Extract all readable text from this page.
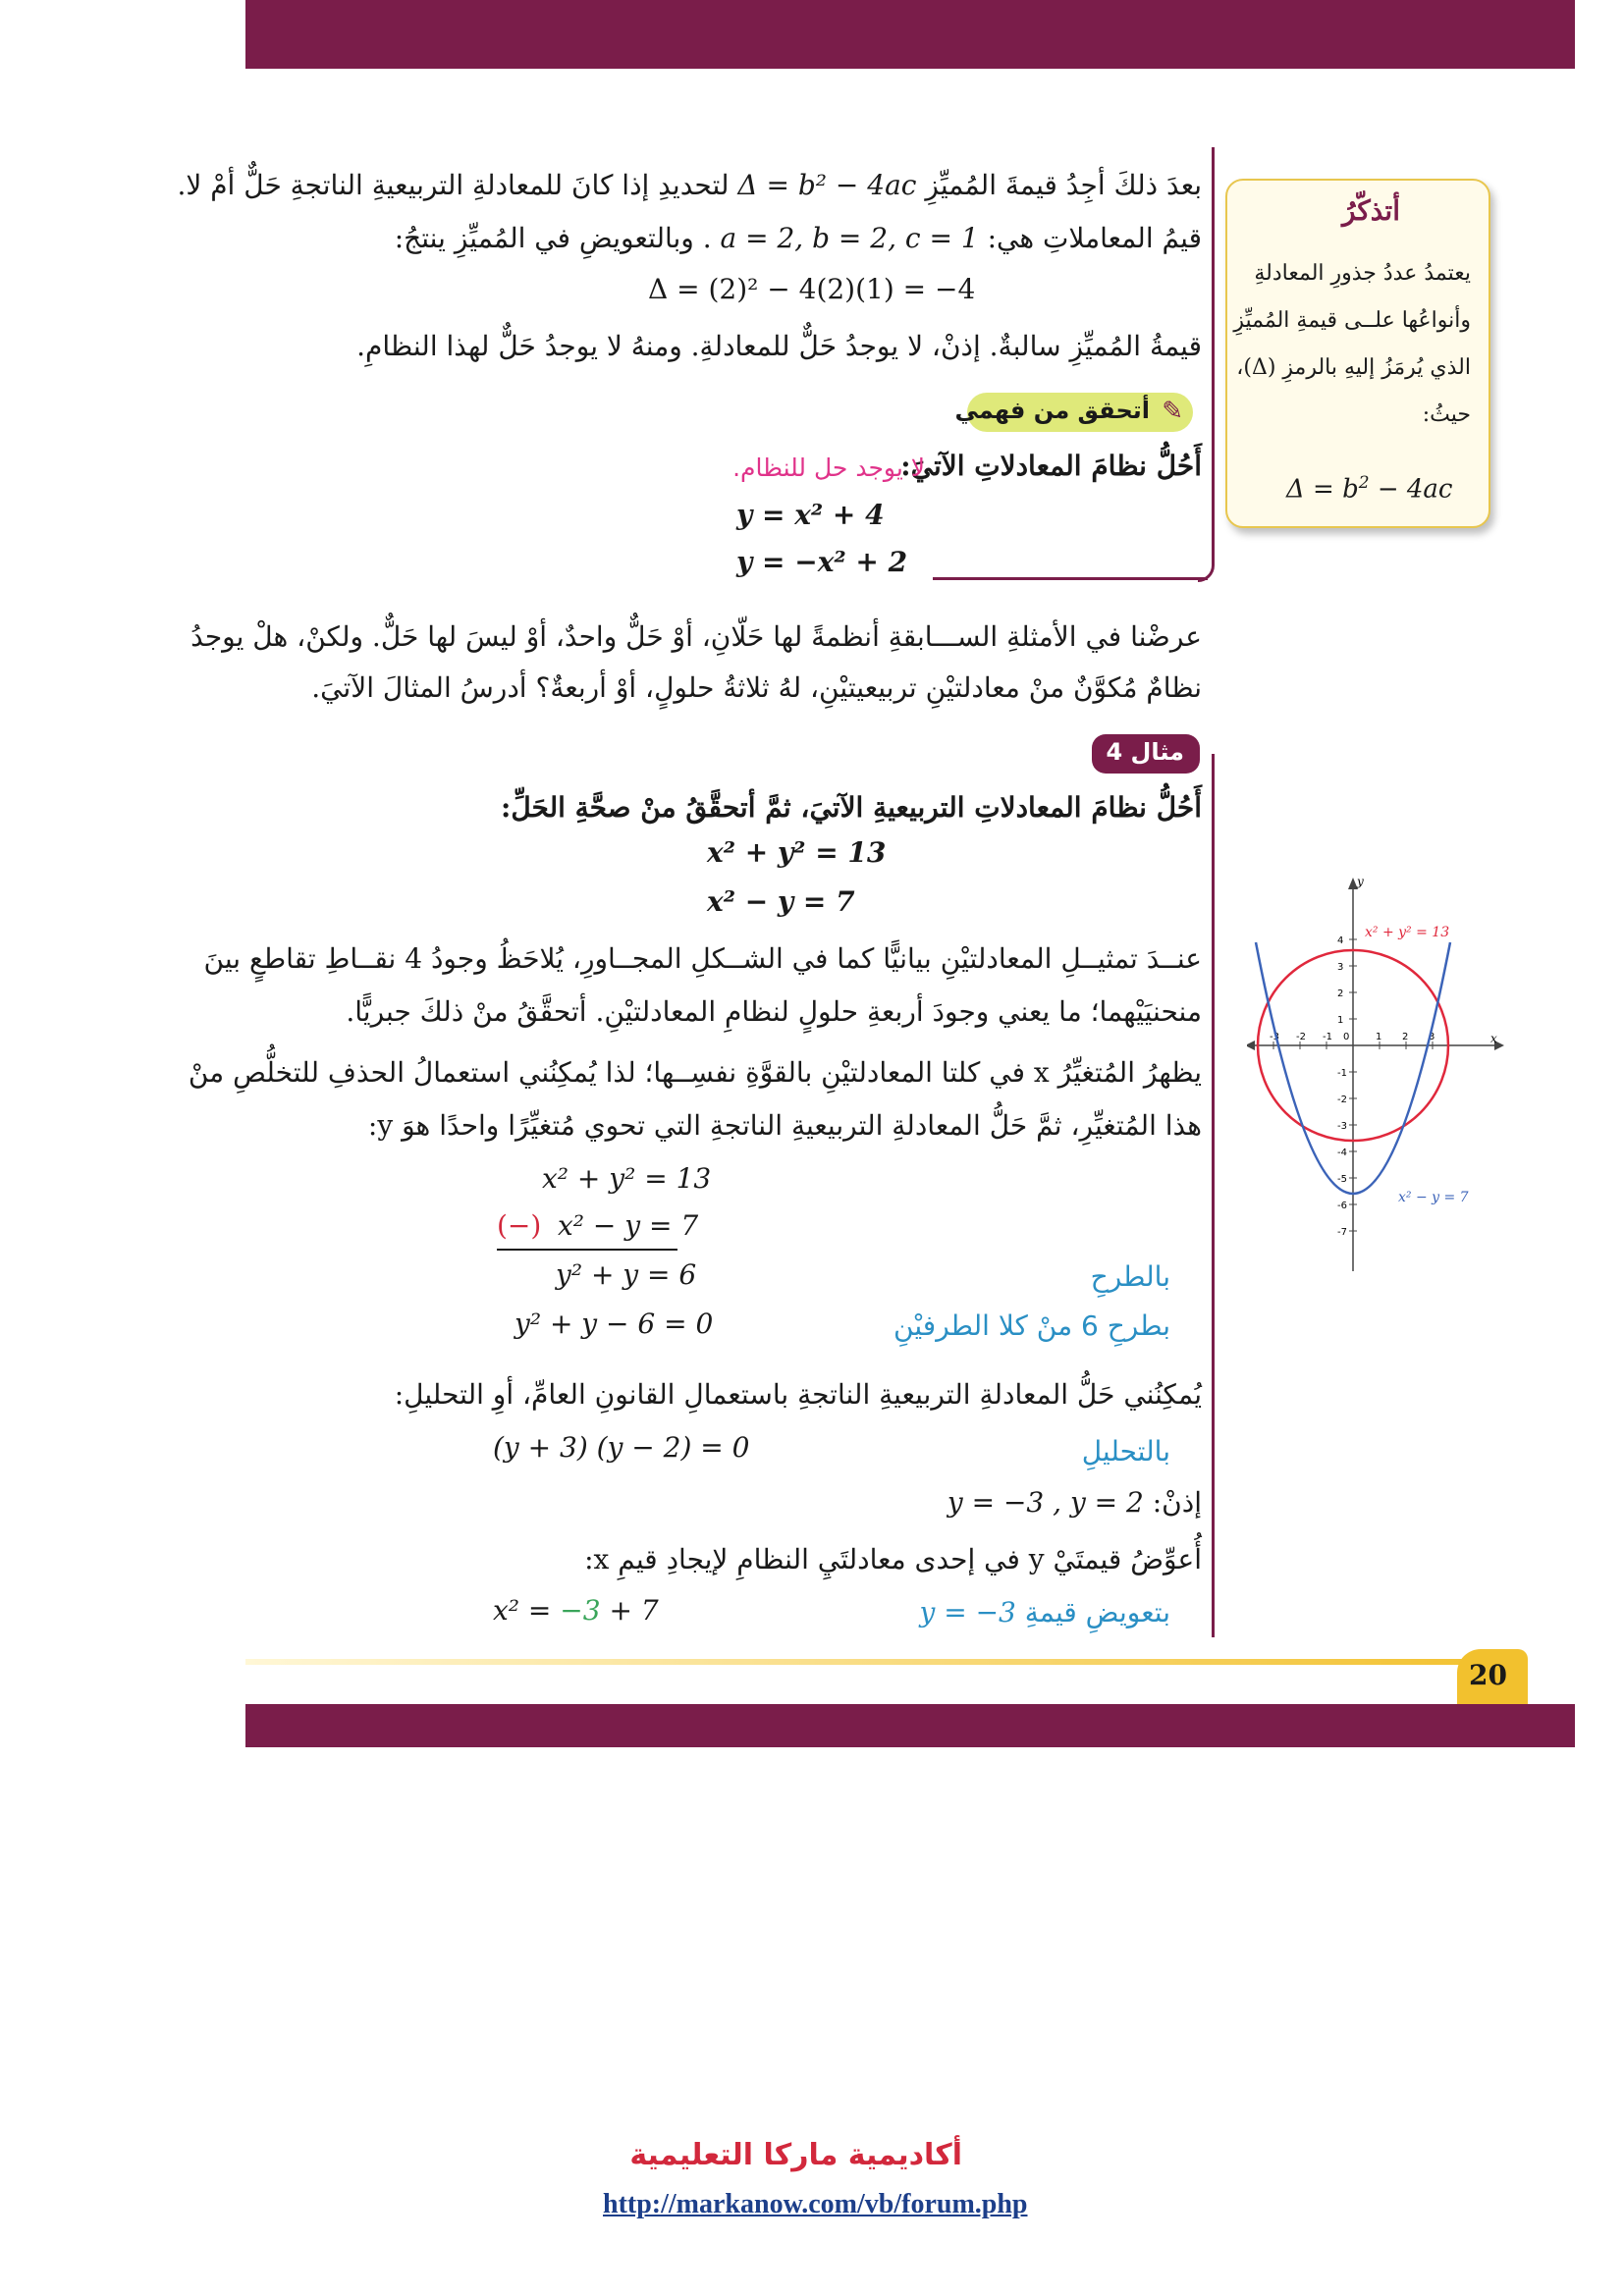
أتذكّرُ
يعتمدُ عددُ جذورِ المعادلةِ
وأنواعُها علــى قيمةِ المُميِّزِ
الذي يُرمَزُ إليهِ بالرمزِ (Δ)،
حيثُ:
$\Delta = b^2 - 4ac$
بعدَ ذلكَ أجِدُ قيمةَ المُميِّزِ Δ = b² − 4ac لتحديدِ إذا كانَ للمعادلةِ التربيعيةِ الناتجةِ حَلٌّ أمْ لا.
قيمُ المعاملاتِ هي: a = 2, b = 2, c = 1 . وبالتعويضِ في المُميِّزِ ينتجُ:
Δ = (2)² − 4(2)(1) = −4
قيمةُ المُميِّزِ سالبةٌ. إذنْ، لا يوجدُ حَلٌّ للمعادلةِ. ومنهُ لا يوجدُ حَلٌّ لهذا النظامِ.
✎
أتحقق من فهمي
أَحُلُّ نظامَ المعادلاتِ الآتيَ:
لا يوجد حل للنظام.
y = x² + 4
y = −x² + 2
عرضْنا في الأمثلةِ الســـابقةِ أنظمةً لها حَلّانِ، أوْ حَلٌّ واحدٌ، أوْ ليسَ لها حَلٌّ. ولكنْ، هلْ يوجدُ
نظامٌ مُكوَّنٌ منْ معادلتيْنِ تربيعيتيْنِ، لهُ ثلاثةُ حلولٍ، أوْ أربعةٌ؟ أدرسُ المثالَ الآتيَ.
مثال 4
أَحُلُّ نظامَ المعادلاتِ التربيعيةِ الآتيَ، ثمَّ أتحقَّقُ منْ صحَّةِ الحَلِّ:
x² + y² = 13
x² − y = 7
عنــدَ تمثيــلِ المعادلتيْنِ بيانيًّا كما في الشــكلِ المجــاورِ، يُلاحَظُ وجودُ 4 نقــاطِ تقاطعٍ بينَ
منحنيَيْهما؛ ما يعني وجودَ أربعةِ حلولٍ لنظامِ المعادلتيْنِ. أتحقَّقُ منْ ذلكَ جبريًّا.
يظهرُ المُتغيِّرُ x في كلتا المعادلتيْنِ بالقوَّةِ نفسِــها؛ لذا يُمكِنُني استعمالُ الحذفِ للتخلُّصِ منْ
هذا المُتغيِّرِ، ثمَّ حَلُّ المعادلةِ التربيعيةِ الناتجةِ التي تحوي مُتغيِّرًا واحدًا هوَ y:
x² + y² = 13
(−) x² − y = 7
y² + y = 6	بالطرحِ
y² + y − 6 = 0	بطرحِ 6 منْ كلا الطرفيْنِ
يُمكِنُني حَلُّ المعادلةِ التربيعيةِ الناتجةِ باستعمالِ القانونِ العامِّ، أوِ التحليلِ:
(y + 3) (y − 2) = 0	بالتحليلِ
إذنْ: y = −3 , y = 2
أُعوِّضُ قيمتَيْ y في إحدى معادلتَيِ النظامِ لإيجادِ قيمِ x:
x² = −3 + 7	بتعويضِ قيمةِ y = −3
x
y
-3 -2 -1 0	1 2 3
4
3
2
1
-1
-2
-3
-4
-5
-6
-7
x² + y² = 13
x² − y = 7
20
أكاديمية ماركا التعليمية
http://markanow.com/vb/forum.php
